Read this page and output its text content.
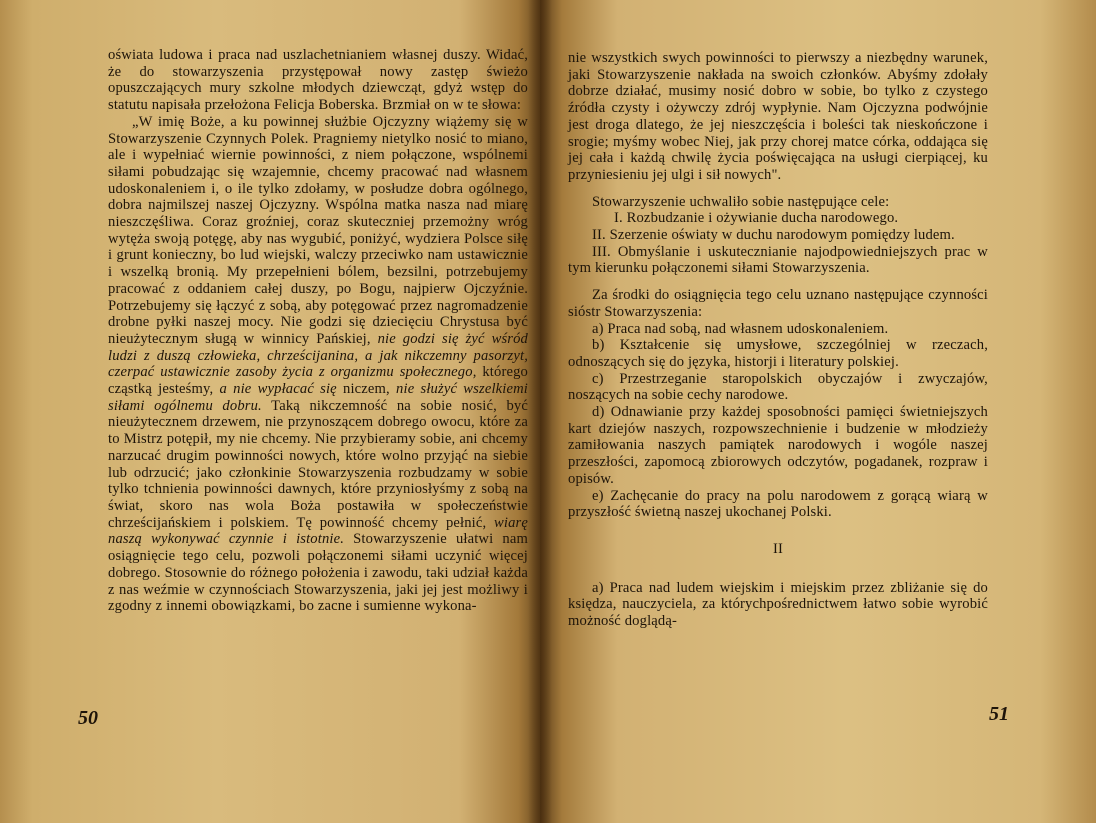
oświata ludowa i praca nad uszlachetnianiem własnej duszy. Widać, że do stowarzyszenia przystępował nowy zastęp świeżo opuszczających mury szkolne młodych dziewcząt, gdyż wstęp do statutu napisała przełożona Felicja Boberska. Brzmiał on w te słowa:

„W imię Boże, a ku powinnej służbie Ojczyzny wiążemy się w Stowarzyszenie Czynnych Polek. Pragniemy nietylko nosić to miano, ale i wypełniać wiernie powinności, z niem połączone, wspólnemi siłami pobudzając się wzajemnie, chcemy pracować nad własnem udoskonaleniem i, o ile tylko zdołamy, w posłudze dobra ogólnego, dobra najmilszej naszej Ojczyzny. Wspólna matka nasza nad miarę nieszczęśliwa. Coraz groźniej, coraz skuteczniej przemożny wróg wytęża swoją potęgę, aby nas wygubić, poniżyć, wydziera Polsce siłę i grunt konieczny, bo lud wiejski, walczy przeciwko nam ustawicznie i wszelką bronią. My przepełnieni bólem, bezsilni, potrzebujemy pracować z oddaniem całej duszy, po Bogu, najpierw Ojczyźnie. Potrzebujemy się łączyć z sobą, aby potęgować przez nagromadzenie drobne pyłki naszej mocy. Nie godzi się dziecięciu Chrystusa być nieużytecznym sługą w winnicy Pańskiej, nie godzi się żyć wśród ludzi z duszą człowieka, chrześcijanina, a jak nikczemny pasorzyt, czerpać ustawicznie zasoby życia z organizmu społecznego, którego cząstką jesteśmy, a nie wypłacać się niczem, nie służyć wszelkiemi siłami ogólnemu dobru. Taką nikczemność na sobie nosić, być nieużytecznem drzewem, nie przynoszącem dobrego owocu, które za to Mistrz potępił, my nie chcemy. Nie przybieramy sobie, ani chcemy narzucać drugim powinności nowych, które wolno przyjąć na siebie lub odrzucić; jako członkinie Stowarzyszenia rozbudzamy w sobie tylko tchnienia powinności dawnych, które przyniosłyśmy z sobą na świat, skoro nas wola Boża postawiła w społeczeństwie chrześcijańskiem i polskiem. Tę powinność chcemy pełnić, wiarę naszą wykonywać czynnie i istotnie. Stowarzyszenie ułatwi nam osiągnięcie tego celu, pozwoli połączonemi siłami uczynić więcej dobrego. Stosownie do różnego położenia i zawodu, taki udział każda z nas weźmie w czynnościach Stowarzyszenia, jaki jej jest możliwy i zgodny z innemi obowiązkami, bo zacne i sumienne wykona-

50

nie wszystkich swych powinności to pierwszy a niezbędny warunek, jaki Stowarzyszenie nakłada na swoich członków. Abyśmy zdołały dobrze działać, musimy nosić dobro w sobie, bo tylko z czystego źródła czysty i ożywczy zdrój wypłynie. Nam Ojczyzna podwójnie jest droga dlatego, że jej nieszczęścia i boleści tak nieskończone i srogie; myśmy wobec Niej, jak przy chorej matce córka, oddająca się jej cała i każdą chwilę życia poświęcająca na usługi cierpiącej, ku przyniesieniu jej ulgi i sił nowych".

Stowarzyszenie uchwaliło sobie następujące cele:

I. Rozbudzanie i ożywianie ducha narodowego.

II. Szerzenie oświaty w duchu narodowym pomiędzy ludem.

III. Obmyślanie i uskutecznianie najodpowiedniejszych prac w tym kierunku połączonemi siłami Stowarzyszenia.

Za środki do osiągnięcia tego celu uznano następujące czynności sióstr Stowarzyszenia:

a) Praca nad sobą, nad własnem udoskonaleniem.

b) Kształcenie się umysłowe, szczególniej w rzeczach, odnoszących się do języka, historji i literatury polskiej.

c) Przestrzeganie staropolskich obyczajów i zwyczajów, noszących na sobie cechy narodowe.

d) Odnawianie przy każdej sposobności pamięci świetniejszych kart dziejów naszych, rozpowszechnienie i budzenie w młodzieży zamiłowania naszych pamiątek narodowych i wogóle naszej przeszłości, zapomocą zbiorowych odczytów, pogadanek, rozpraw i opisów.

e) Zachęcanie do pracy na polu narodowem z gorącą wiarą w przyszłość świetną naszej ukochanej Polski.

II

a) Praca nad ludem wiejskim i miejskim przez zbliżanie się do księdza, nauczyciela, za którychpośrednictwem łatwo sobie wyrobić możność doglądą-

51
